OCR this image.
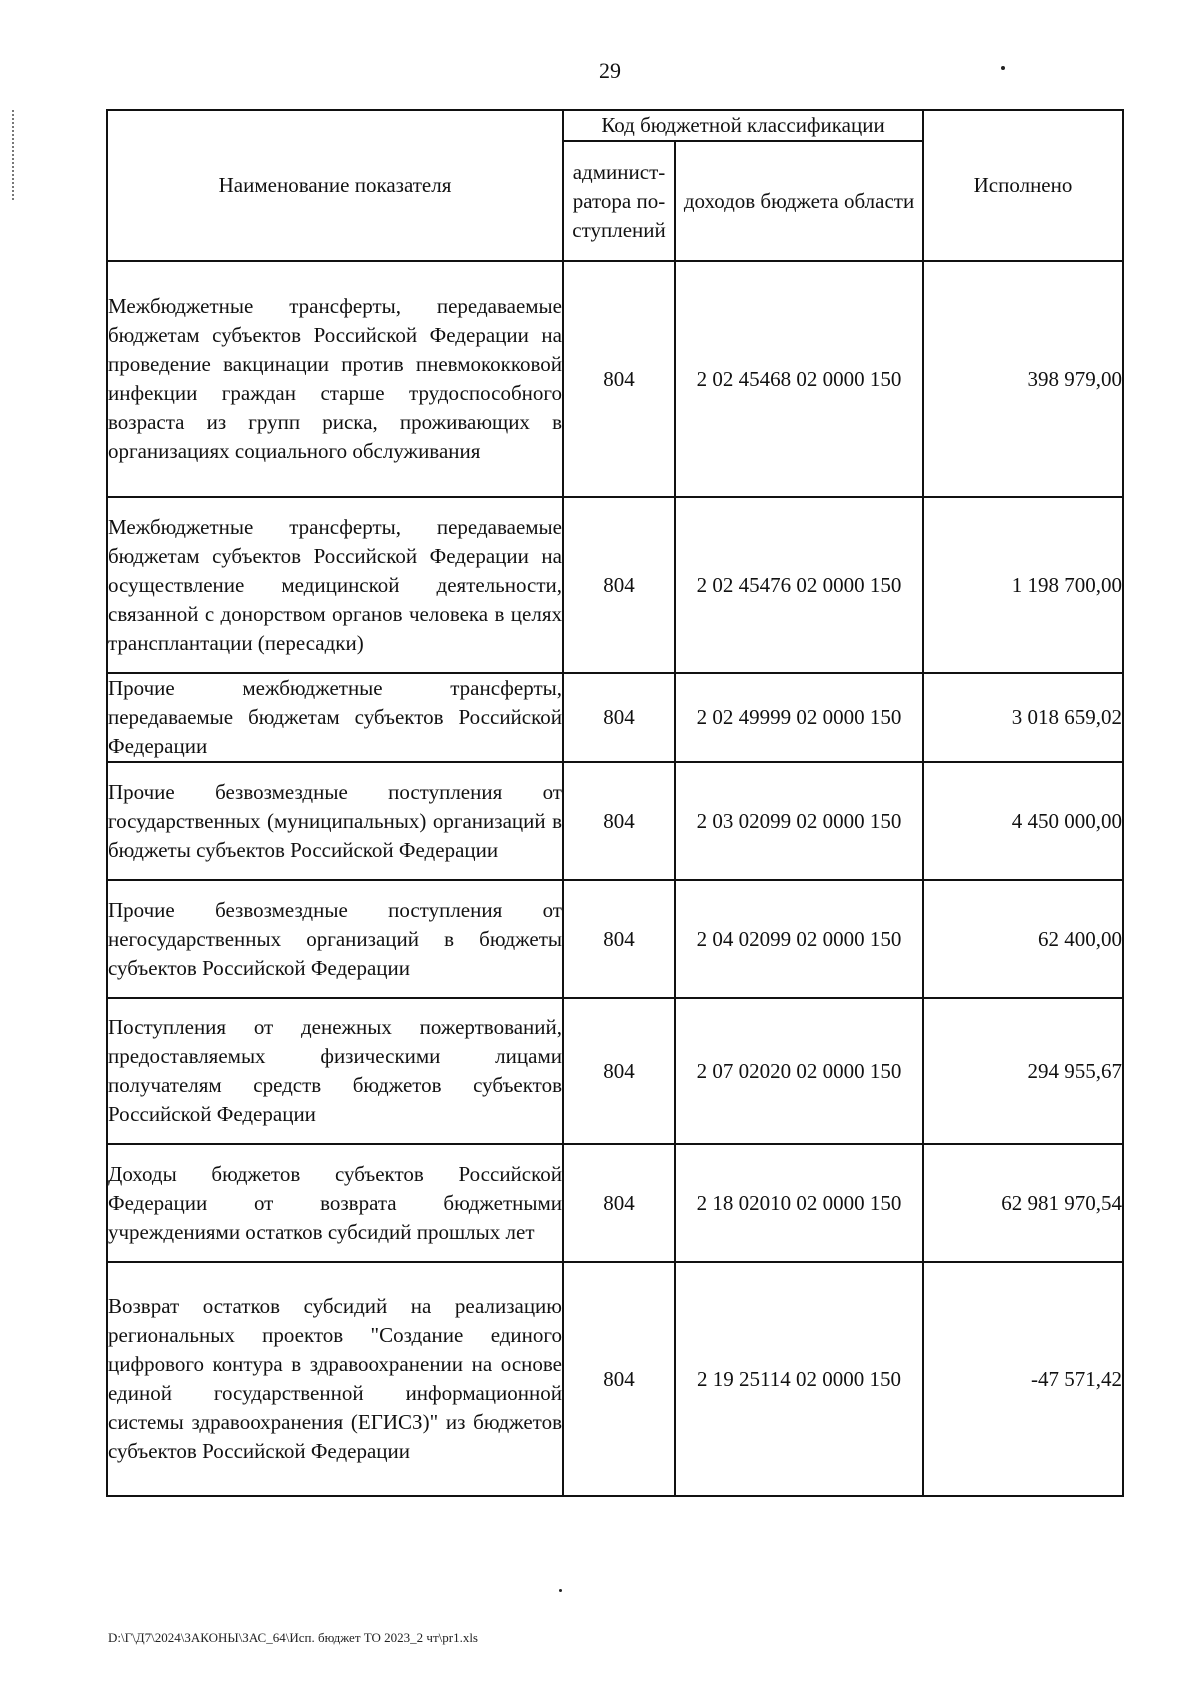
29
Наименование показателя	Код бюджетной классификации		Исполнено
	админист-ратора по-ступлений	доходов бюджета области	
Межбюджетные трансферты, передаваемые бюджетам субъектов Российской Федерации на проведение вакцинации против пневмококковой инфекции граждан старше трудоспособного возраста из групп риска, проживающих в организациях социального обслуживания	804	2 02 45468 02 0000 150	398 979,00
Межбюджетные трансферты, передаваемые бюджетам субъектов Российской Федерации на осуществление медицинской деятельности, связанной с донорством органов человека в целях трансплантации (пересадки)	804	2 02 45476 02 0000 150	1 198 700,00
Прочие межбюджетные трансферты, передаваемые бюджетам субъектов Российской Федерации	804	2 02 49999 02 0000 150	3 018 659,02
Прочие безвозмездные поступления от государственных (муниципальных) организаций в бюджеты субъектов Российской Федерации	804	2 03 02099 02 0000 150	4 450 000,00
Прочие безвозмездные поступления от негосударственных организаций в бюджеты субъектов Российской Федерации	804	2 04 02099 02 0000 150	62 400,00
Поступления от денежных пожертвований, предоставляемых физическими лицами получателям средств бюджетов субъектов Российской Федерации	804	2 07 02020 02 0000 150	294 955,67
Доходы бюджетов субъектов Российской Федерации от возврата бюджетными учреждениями остатков субсидий прошлых лет	804	2 18 02010 02 0000 150	62 981 970,54
Возврат остатков субсидий на реализацию региональных проектов "Создание единого цифрового контура в здравоохранении на основе единой государственной информационной системы здравоохранения (ЕГИСЗ)" из бюджетов субъектов Российской Федерации	804	2 19 25114 02 0000 150	-47 571,42
D:\Г\Д7\2024\ЗАКОНЫ\ЗАС_64\Исп. бюджет ТО 2023_2 чт\pr1.xls
